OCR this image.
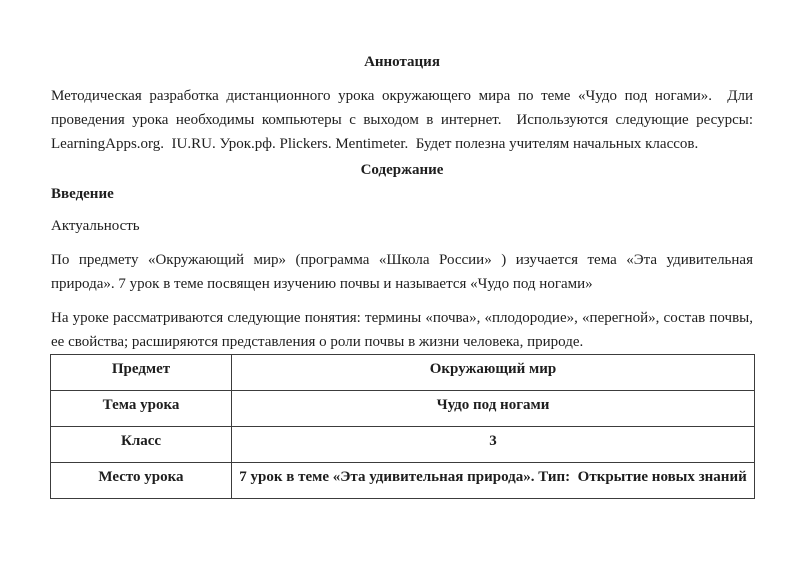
Аннотация

Методическая разработка дистанционного урока окружающего мира по теме «Чудо под ногами».  Дли проведения урока необходимы компьютеры с выходом в интернет.  Используются следующие ресурсы: LearningApps.org.  IU.RU. Урок.рф. Plickers. Mentimeter.  Будет полезна учителям начальных классов.

Содержание
Введение

Актуальность

По предмету «Окружающий мир» (программа «Школа России» ) изучается тема «Эта удивительная природа». 7 урок в теме посвящен изучению почвы и называется «Чудо под ногами»

На уроке рассматриваются следующие понятия: термины «почва», «плодородие», «перегной», состав почвы, ее свойства; расширяются представления о роли почвы в жизни человека, природе.

Предмет	Окружающий мир
Тема урока	Чудо под ногами
Класс	3
Место урока	7 урок в теме «Эта удивительная природа». Тип:  Открытие новых знаний
